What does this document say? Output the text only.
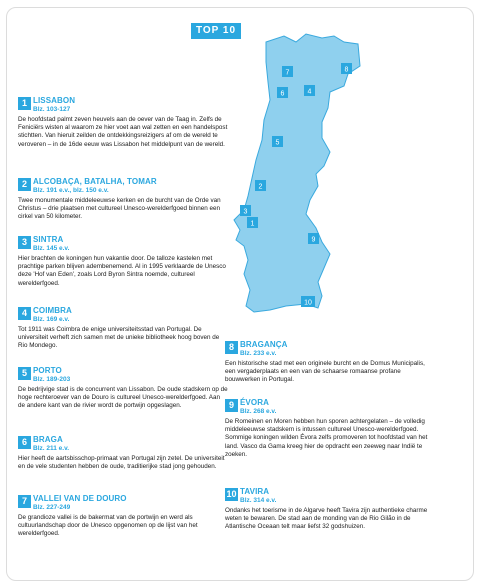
TOP 10
7	8
6	4
5
2
3
1
9
10
1 LISSABON
Blz. 103-127

De hoofdstad palmt zeven heuvels aan de oever van de Taag in. Zelfs de Feniciërs wisten al waarom ze hier voet aan wal zetten en een handelspost stichtten. Van hieruit zeilden de ontdekkingsreizigers af om de wereld te veroveren – in de 16de eeuw was Lissabon het middelpunt van de wereld.

2 ALCOBAÇA, BATALHA, TOMAR
Blz. 191 e.v., blz. 150 e.v.

Twee monumentale middeleeuwse kerken en de burcht van de Orde van Christus – drie plaatsen met cultureel Unesco-werelderfgoed binnen een cirkel van 50 kilometer.

3 SINTRA
Blz. 145 e.v.

Hier brachten de koningen hun vakantie door. De talloze kastelen met prachtige parken blijven adembenemend. Al in 1995 verklaarde de Unesco deze 'Hof van Eden', zoals Lord Byron Sintra noemde, cultureel werelderfgoed.

4 COIMBRA
Blz. 169 e.v.

Tot 1911 was Coimbra de enige universiteitsstad van Portugal. De universiteit verheft zich samen met de unieke bibliotheek hoog boven de Rio Mondego.

5 PORTO
Blz. 189-203

De bedrijvige stad is de concurrent van Lissabon. De oude stadskern op de hoge rechteroever van de Douro is cultureel Unesco-werelderfgoed. Aan de andere kant van de rivier wordt de portwijn opgeslagen.

6 BRAGA
Blz. 211 e.v.

Hier heeft de aartsbisschop-primaat van Portugal zijn zetel. De universiteit en de vele studenten hebben de oude, traditierijke stad jong gehouden.

7 VALLEI VAN DE DOURO
Blz. 227-249

De grandioze vallei is de bakermat van de portwijn en werd als cultuurlandschap door de Unesco opgenomen op de lijst van het werelderfgoed.

8 BRAGANÇA
Blz. 233 e.v.

Een historische stad met een originele burcht en de Domus Municipalis, een vergaderplaats en een van de schaarse romaanse profane bouwwerken in Portugal.

9 ÉVORA
Blz. 268 e.v.

De Romeinen en Moren hebben hun sporen achtergelaten – de volledig middeleeuwse stadskern is intussen cultureel Unesco-werelderfgoed. Sommige koningen wilden Évora zelfs promoveren tot hoofdstad van het land. Vasco da Gama kreeg hier de opdracht een zeeweg naar Indië te zoeken.

10 TAVIRA
Blz. 314 e.v.

Ondanks het toerisme in de Algarve heeft Tavira zijn authentieke charme weten te bewaren. De stad aan de monding van de Rio Gilão in de Atlantische Oceaan telt maar liefst 32 godshuizen.
